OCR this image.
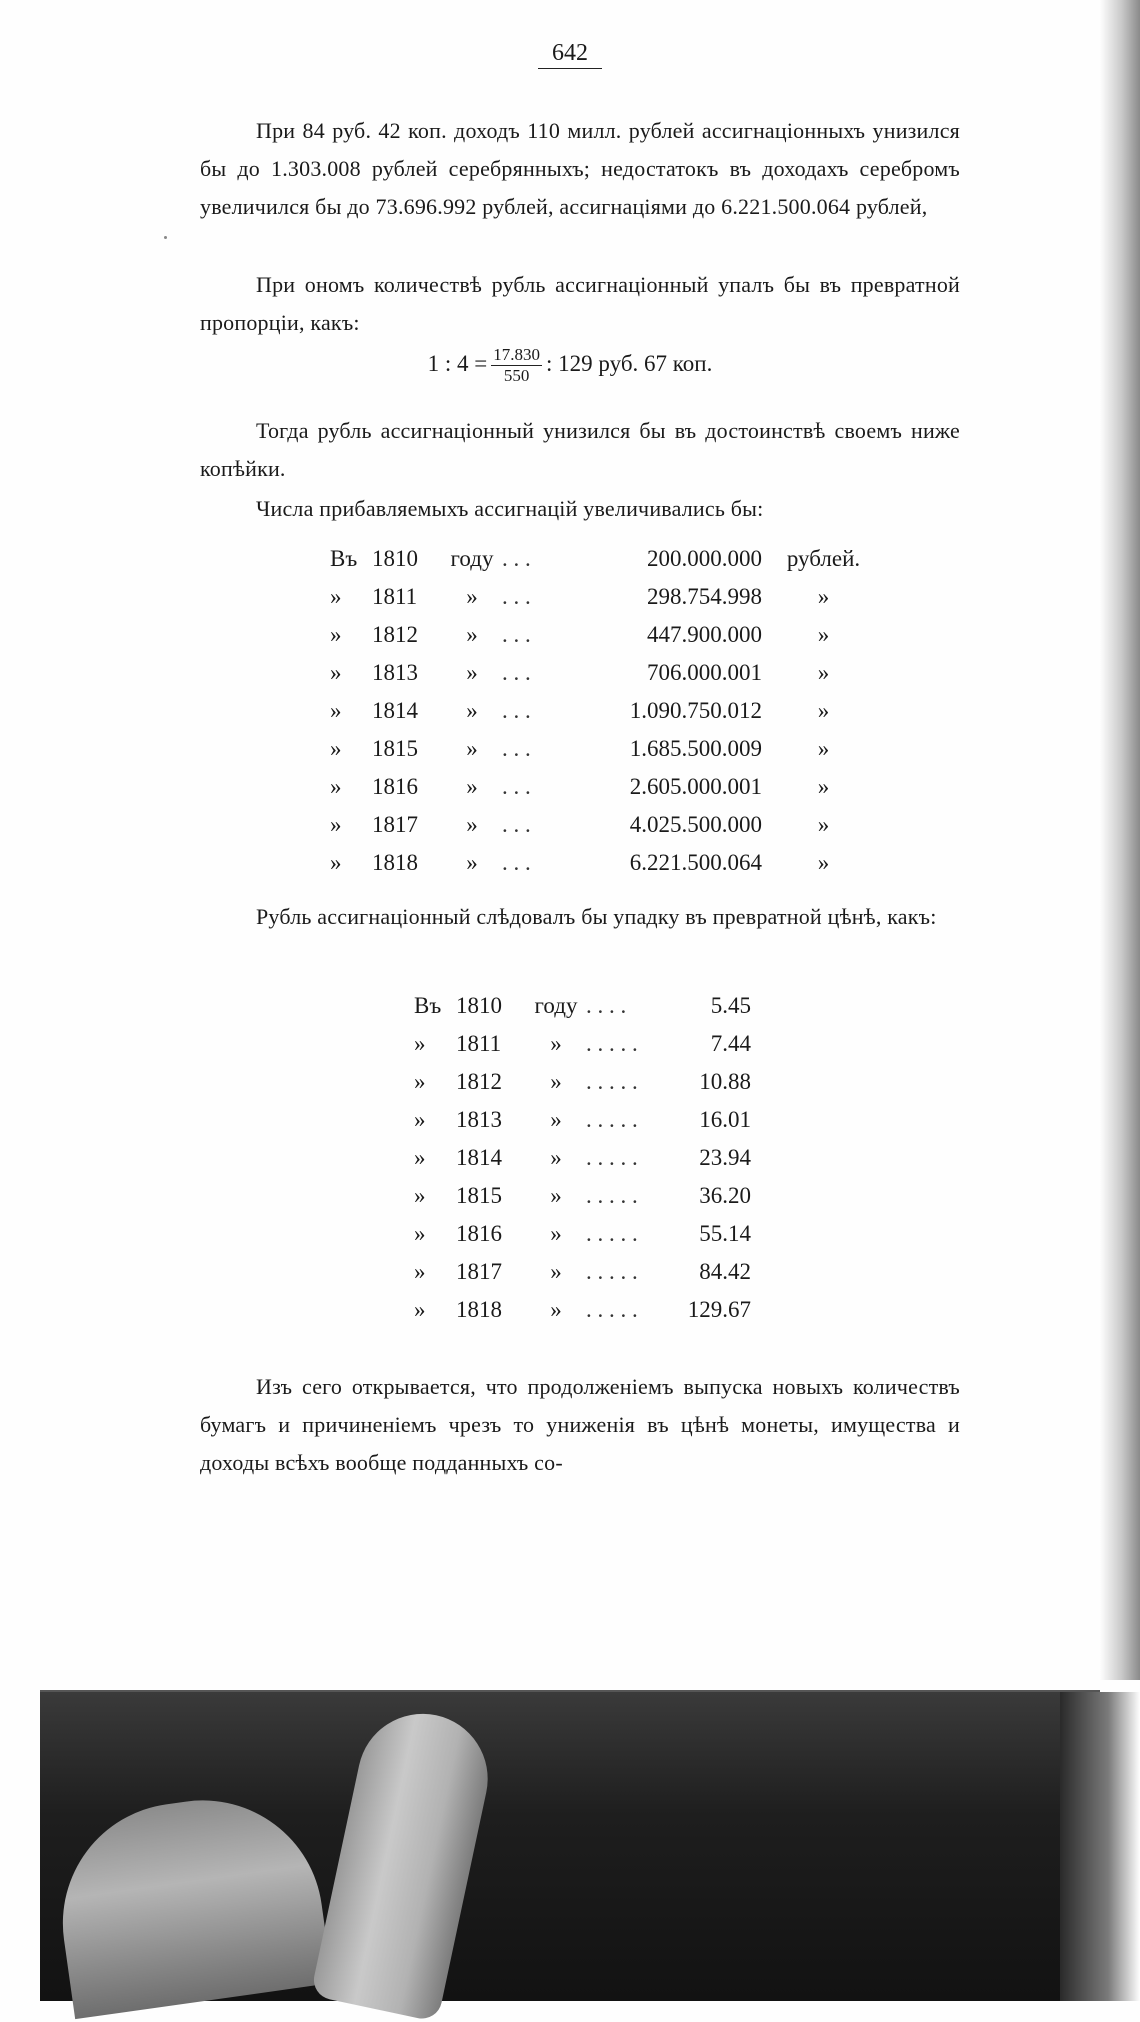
642
При 84 руб. 42 коп. доходъ 110 милл. рублей ассигнаціонныхъ унизился бы до 1.303.008 рублей серебрянныхъ; недостатокъ въ доходахъ серебромъ увеличился бы до 73.696.992 рублей, ассигнаціями до 6.221.500.064 рублей,
При ономъ количествѣ рубль ассигнаціонный упалъ бы въ превратной пропорціи, какъ:
1 : $4 = \frac{17.830}{550}$ : 129 руб. 67 коп.
Тогда рубль ассигнаціонный унизился бы въ достоинствѣ своемъ ниже копѣйки.
Числа прибавляемыхъ ассигнацій увеличивались бы:
Въ	1810	году	. . .	200.000.000	рублей.
»	1811	»	. . .	298.754.998	»
»	1812	»	. . .	447.900.000	»
»	1813	»	. . .	706.000.001	»
»	1814	»	. . .	1.090.750.012	»
»	1815	»	. . .	1.685.500.009	»
»	1816	»	. . .	2.605.000.001	»
»	1817	»	. . .	4.025.500.000	»
»	1818	»	. . .	6.221.500.064	»
Рубль ассигнаціонный слѣдовалъ бы упадку въ превратной цѣнѣ, какъ:
Въ	1810	году	. . . .	5.45
»	1811	»	. . . . .	7.44
»	1812	»	. . . . .	10.88
»	1813	»	. . . . .	16.01
»	1814	»	. . . . .	23.94
»	1815	»	. . . . .	36.20
»	1816	»	. . . . .	55.14
»	1817	»	. . . . .	84.42
»	1818	»	. . . . .	129.67
Изъ сего открывается, что продолженіемъ выпуска новыхъ количествъ бумагъ и причиненіемъ чрезъ то униженія въ цѣнѣ монеты, имущества и доходы всѣхъ вообще подданныхъ со-
